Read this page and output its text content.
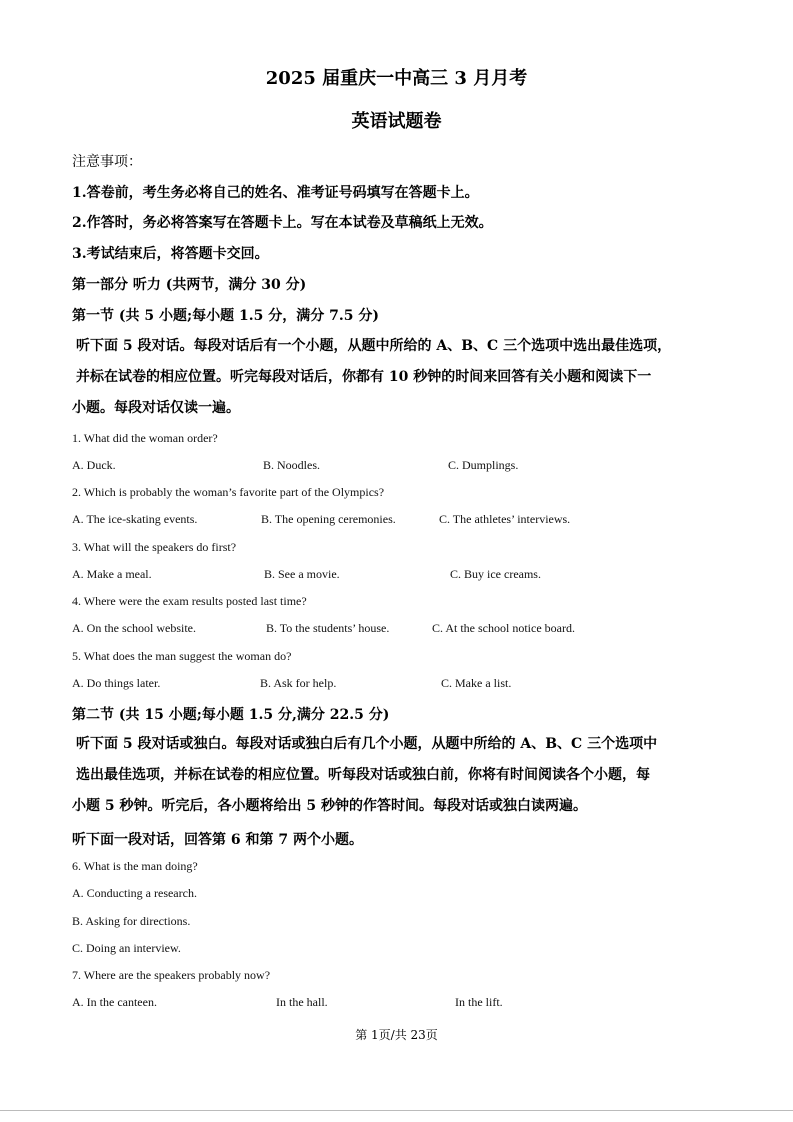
2025 届重庆一中高三 3 月月考
英语试题卷
注意事项：
1.答卷前，考生务必将自己的姓名、准考证号码填写在答题卡上。
2.作答时，务必将答案写在答题卡上。写在本试卷及草稿纸上无效。
3.考试结束后，将答题卡交回。
第一部分 听力 (共两节，满分 30 分)
第一节 (共 5 小题;每小题 1.5 分，满分 7.5 分)
听下面 5 段对话。每段对话后有一个小题，从题中所给的 A、B、C 三个选项中选出最佳选项，
并标在试卷的相应位置。听完每段对话后，你都有 10 秒钟的时间来回答有关小题和阅读下一
小题。每段对话仅读一遍。
1. What did the woman order?
A. Duck.	B. Noodles.	C. Dumplings.
2. Which is probably the woman’s favorite part of the Olympics?
A. The ice-skating events.	B. The opening ceremonies.	C. The athletes’ interviews.
3. What will the speakers do first?
A. Make a meal.	B. See a movie.	C. Buy ice creams.
4. Where were the exam results posted last time?
A. On the school website.	B. To the students’ house.	C. At the school notice board.
5. What does the man suggest the woman do?
A. Do things later.	B. Ask for help.	C. Make a list.
第二节 (共 15 小题;每小题 1.5 分,满分 22.5 分)
听下面 5 段对话或独白。每段对话或独白后有几个小题，从题中所给的 A、B、C 三个选项中
选出最佳选项，并标在试卷的相应位置。听每段对话或独白前，你将有时间阅读各个小题，每
小题 5 秒钟。听完后，各小题将给出 5 秒钟的作答时间。每段对话或独白读两遍。
听下面一段对话，回答第 6 和第 7 两个小题。
6. What is the man doing?
A. Conducting a research.
B. Asking for directions.
C. Doing an interview.
7. Where are the speakers probably now?
A. In the canteen.	In the hall.	In the lift.
第 1页/共 23页
